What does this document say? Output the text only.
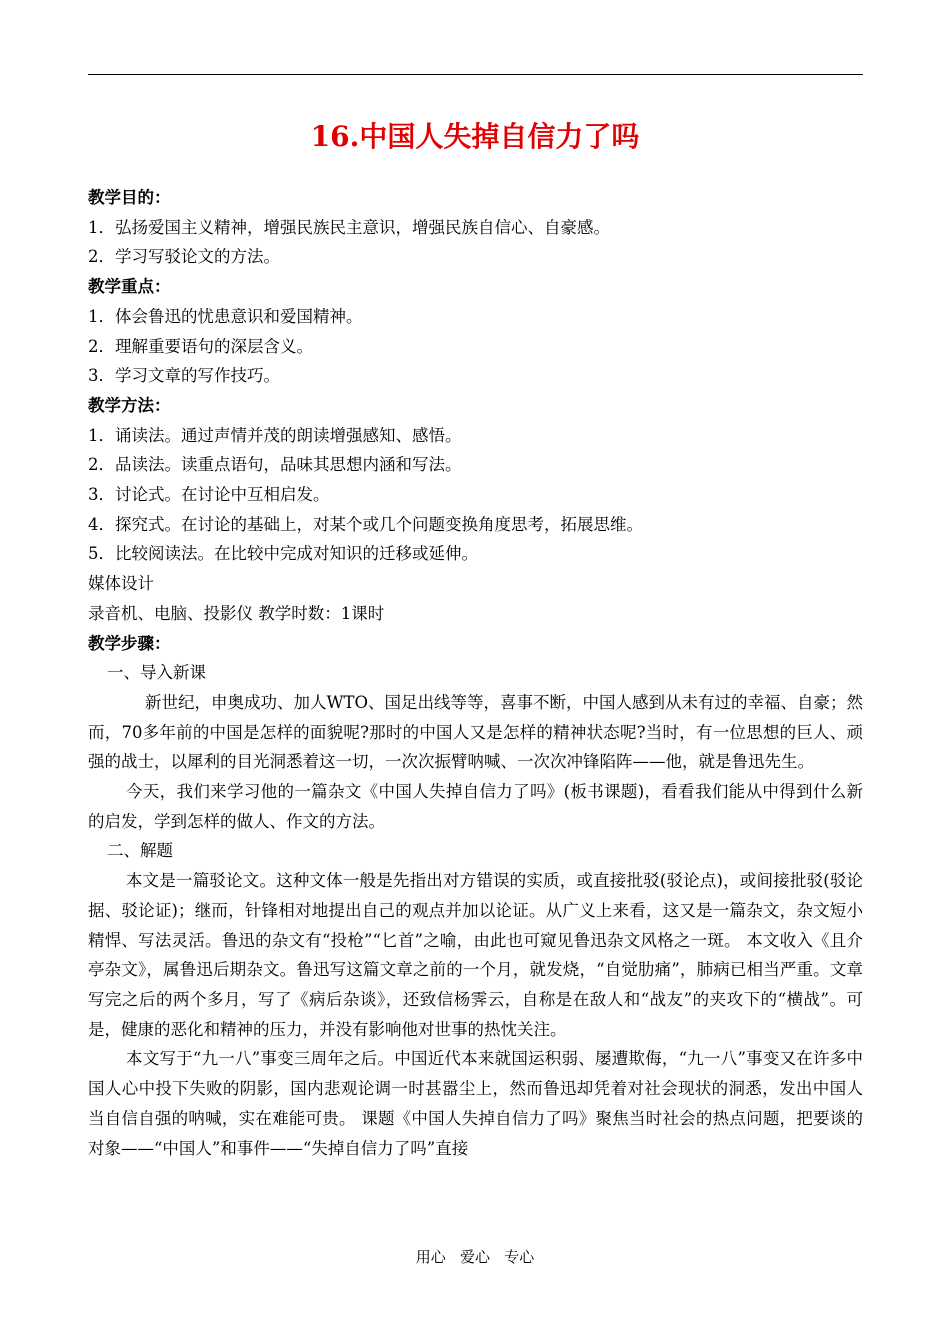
16.中国人失掉自信力了吗
教学目的：
1．弘扬爱国主义精神，增强民族民主意识，增强民族自信心、自豪感。
2．学习写驳论文的方法。
教学重点：
1．体会鲁迅的忧患意识和爱国精神。
2．理解重要语句的深层含义。
3．学习文章的写作技巧。
教学方法：
1．诵读法。通过声情并茂的朗读增强感知、感悟。
2．品读法。读重点语句，品味其思想内涵和写法。
3．讨论式。在讨论中互相启发。
4．探究式。在讨论的基础上，对某个或几个问题变换角度思考，拓展思维。
5．比较阅读法。在比较中完成对知识的迁移或延伸。
媒体设计
录音机、电脑、投影仪 教学时数：1课时
教学步骤：
一、导入新课
新世纪，申奥成功、加人WTO、国足出线等等，喜事不断，中国人感到从未有过的幸福、自豪；然而，70多年前的中国是怎样的面貌呢?那时的中国人又是怎样的精神状态呢?当时，有一位思想的巨人、顽强的战士，以犀利的目光洞悉着这一切，一次次振臂呐喊、一次次冲锋陷阵——他，就是鲁迅先生。
今天，我们来学习他的一篇杂文《中国人失掉自信力了吗》(板书课题)，看看我们能从中得到什么新的启发，学到怎样的做人、作文的方法。
二、解题
本文是一篇驳论文。这种文体一般是先指出对方错误的实质，或直接批驳(驳论点)，或间接批驳(驳论据、驳论证)；继而，针锋相对地提出自己的观点并加以论证。从广义上来看，这又是一篇杂文，杂文短小精悍、写法灵活。鲁迅的杂文有“投枪”“匕首”之喻，由此也可窥见鲁迅杂文风格之一斑。 本文收入《且介亭杂文》，属鲁迅后期杂文。鲁迅写这篇文章之前的一个月，就发烧，“自觉肋痛”，肺病已相当严重。文章写完之后的两个多月，写了《病后杂谈》，还致信杨霁云，自称是在敌人和“战友”的夹攻下的“横战”。可是，健康的恶化和精神的压力，并没有影响他对世事的热忱关注。
本文写于“九一八”事变三周年之后。中国近代本来就国运积弱、屡遭欺侮，“九一八”事变又在许多中国人心中投下失败的阴影，国内悲观论调一时甚嚣尘上，然而鲁迅却凭着对社会现状的洞悉，发出中国人当自信自强的呐喊，实在难能可贵。 课题《中国人失掉自信力了吗》聚焦当时社会的热点问题，把要谈的对象——“中国人”和事件——“失掉自信力了吗”直接
用心   爱心   专心
